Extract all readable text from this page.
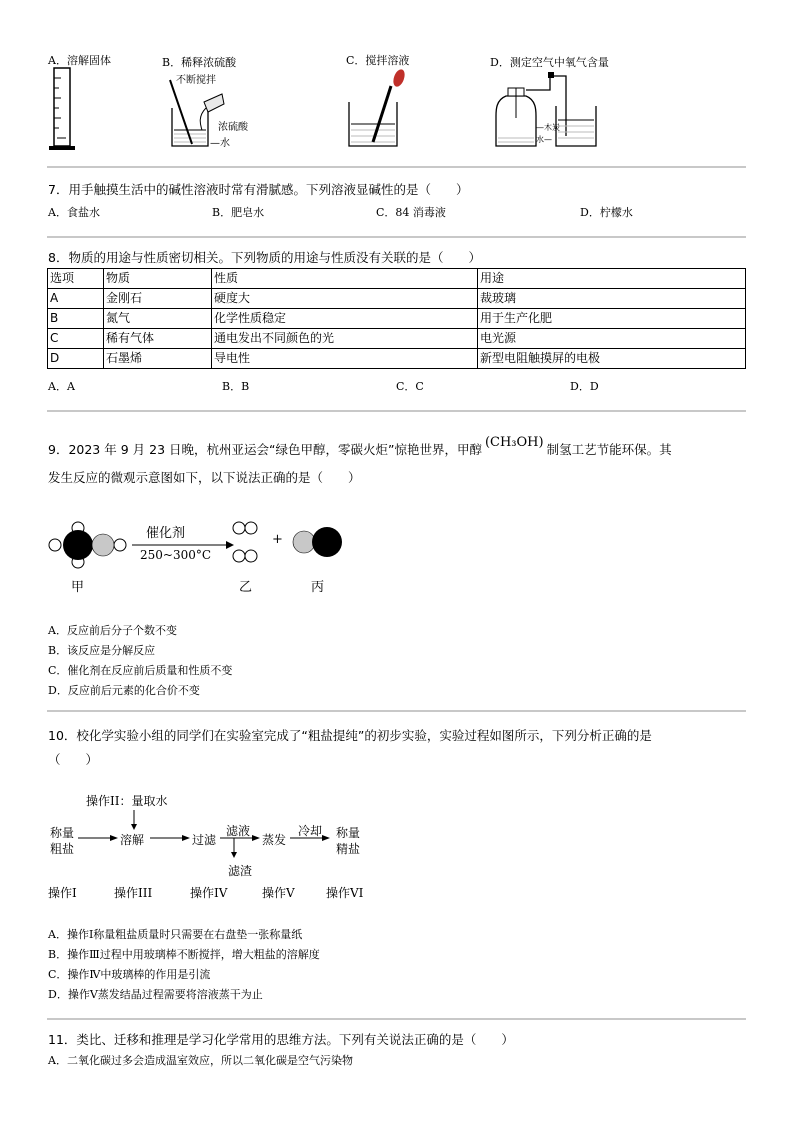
A．溶解固体	B．稀释浓硫酸	C．搅拌溶液	D．测定空气中氧气含量
不断搅拌
浓硫酸
—水
—木炭
水—
7．用手触摸生活中的碱性溶液时常有滑腻感。下列溶液显碱性的是（　　）
A．食盐水	B．肥皂水	C．84 消毒液	D．柠檬水
8．物质的用途与性质密切相关。下列物质的用途与性质没有关联的是（　　）
选项	物质	性质	用途
A	金刚石	硬度大	裁玻璃
B	氮气	化学性质稳定	用于生产化肥
C	稀有气体	通电发出不同颜色的光	电光源
D	石墨烯	导电性	新型电阻触摸屏的电极
A．A	B．B	C．C	D．D
9．2023 年 9 月 23 日晚，杭州亚运会“绿色甲醇，零碳火炬”惊艳世界，甲醇 (CH₃OH) 制氢工艺节能环保。其
发生反应的微观示意图如下，以下说法正确的是（　　）
催化剂
250~300°C
+
甲	乙	丙
A．反应前后分子个数不变
B．该反应是分解反应
C．催化剂在反应前后质量和性质不变
D．反应前后元素的化合价不变
10．校化学实验小组的同学们在实验室完成了“粗盐提纯”的初步实验，实验过程如图所示，下列分析正确的是
（　　）
操作II：量取水
称量
粗盐
溶解	过滤
滤液
滤渣
蒸发
冷却 称量
精盐
操作I	操作III	操作IV	操作V	操作VI
A．操作Ⅰ称量粗盐质量时只需要在右盘垫一张称量纸
B．操作Ⅲ过程中用玻璃棒不断搅拌，增大粗盐的溶解度
C．操作Ⅳ中玻璃棒的作用是引流
D．操作Ⅴ蒸发结晶过程需要将溶液蒸干为止
11．类比、迁移和推理是学习化学常用的思维方法。下列有关说法正确的是（　　）
A．二氧化碳过多会造成温室效应，所以二氧化碳是空气污染物
